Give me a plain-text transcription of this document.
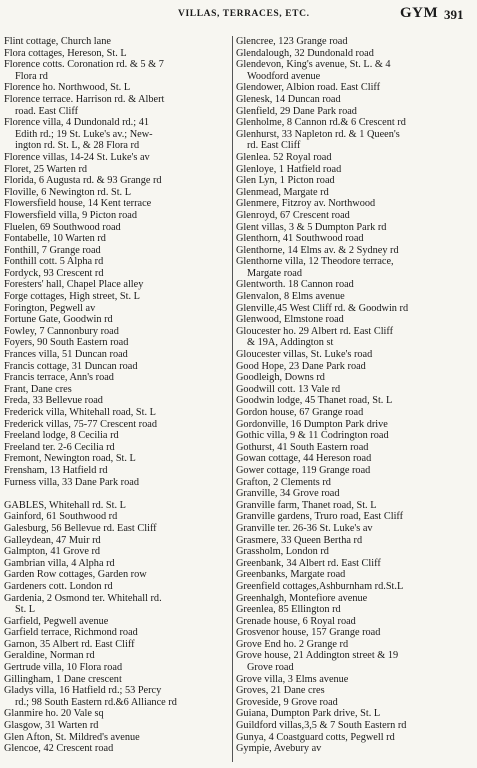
VILLAS, TERRACES, ETC.	GYM 391
Flint cottage, Church lane
Flora cottages, Hereson, St. L
Florence cotts. Coronation rd. & 5 & 7
Flora rd
Florence ho. Northwood, St. L
Florence terrace. Harrison rd. & Albert
road. East Cliff
Florence villa, 4 Dundonald rd.; 41
Edith rd.; 19 St. Luke's av.; New-
ington rd. St. L, & 28 Flora rd
Florence villas, 14-24 St. Luke's av
Floret, 25 Warten rd
Florida, 6 Augusta rd. & 93 Grange rd
Floville, 6 Newington rd. St. L
Flowersfield house, 14 Kent terrace
Flowersfield villa, 9 Picton road
Fluelen, 69 Southwood road
Fontabelle, 10 Warten rd
Fonthill, 7 Grange road
Fonthill cott. 5 Alpha rd
Fordyck, 93 Crescent rd
Foresters' hall, Chapel Place alley
Forge cottages, High street, St. L
Forington, Pegwell av
Fortune Gate, Goodwin rd
Fowley, 7 Cannonbury road
Foyers, 90 South Eastern road
Frances villa, 51 Duncan road
Francis cottage, 31 Duncan road
Francis terrace, Ann's road
Frant, Dane cres
Freda, 33 Bellevue road
Frederick villa, Whitehall road, St. L
Frederick villas, 75-77 Crescent road
Freeland lodge, 8 Cecilia rd
Freeland ter. 2-6 Cecilia rd
Fremont, Newington road, St. L
Frensham, 13 Hatfield rd
Furness villa, 33 Dane Park road
GABLES, Whitehall rd. St. L
Gainford, 61 Southwood rd
Galesburg, 56 Bellevue rd. East Cliff
Galleydean, 47 Muir rd
Galmpton, 41 Grove rd
Gambrian villa, 4 Alpha rd
Garden Row cottages, Garden row
Gardeners cott. London rd
Gardenia, 2 Osmond ter. Whitehall rd.
St. L
Garfield, Pegwell avenue
Garfield terrace, Richmond road
Garnon, 35 Albert rd. East Cliff
Geraldine, Norman rd
Gertrude villa, 10 Flora road
Gillingham, 1 Dane crescent
Gladys villa, 16 Hatfield rd.; 53 Percy
rd.; 98 South Eastern rd.&6 Alliance rd
Glanmire ho. 20 Vale sq
Glasgow, 31 Warten rd
Glen Afton, St. Mildred's avenue
Glencoe, 42 Crescent road
Glencree, 123 Grange road
Glendalough, 32 Dundonald road
Glendevon, King's avenue, St. L. & 4
Woodford avenue
Glendower, Albion road. East Cliff
Glenesk, 14 Duncan road
Glenfield, 29 Dane Park road
Glenholme, 8 Cannon rd.& 6 Crescent rd
Glenhurst, 33 Napleton rd. & 1 Queen's
rd. East Cliff
Glenlea. 52 Royal road
Glenloye, 1 Hatfield road
Glen Lyn, 1 Picton road
Glenmead, Margate rd
Glenmere, Fitzroy av. Northwood
Glenroyd, 67 Crescent road
Glent villas, 3 & 5 Dumpton Park rd
Glenthorn, 41 Southwood road
Glenthorne, 14 Elms av. & 2 Sydney rd
Glenthorne villa, 12 Theodore terrace,
Margate road
Glentworth. 18 Cannon road
Glenvalon, 8 Elms avenue
Glenville,45 West Cliff rd. & Goodwin rd
Glenwood, Elmstone road
Gloucester ho. 29 Albert rd. East Cliff
& 19A, Addington st
Gloucester villas, St. Luke's road
Good Hope, 23 Dane Park road
Goodleigh, Downs rd
Goodwill cott. 13 Vale rd
Goodwin lodge, 45 Thanet road, St. L
Gordon house, 67 Grange road
Gordonville, 16 Dumpton Park drive
Gothic villa, 9 & 11 Codrington road
Gothurst, 41 South Eastern road
Gowan cottage, 44 Hereson road
Gower cottage, 119 Grange road
Grafton, 2 Clements rd
Granville, 34 Grove road
Granville farm, Thanet road, St. L
Granville gardens, Truro road, East Cliff
Granville ter. 26-36 St. Luke's av
Grasmere, 33 Queen Bertha rd
Grassholm, London rd
Greenbank, 34 Albert rd. East Cliff
Greenbanks, Margate road
Greenfield cottages,Ashburnham rd.St.L
Greenhalgh, Montefiore avenue
Greenlea, 85 Ellington rd
Grenade house, 6 Royal road
Grosvenor house, 157 Grange road
Grove End ho. 2 Grange rd
Grove house, 21 Addington street & 19
Grove road
Grove villa, 3 Elms avenue
Groves, 21 Dane cres
Groveside, 9 Grove road
Guiana, Dumpton Park drive, St. L
Guildford villas,3,5 & 7 South Eastern rd
Gunya, 4 Coastguard cotts, Pegwell rd
Gympie, Avebury av
